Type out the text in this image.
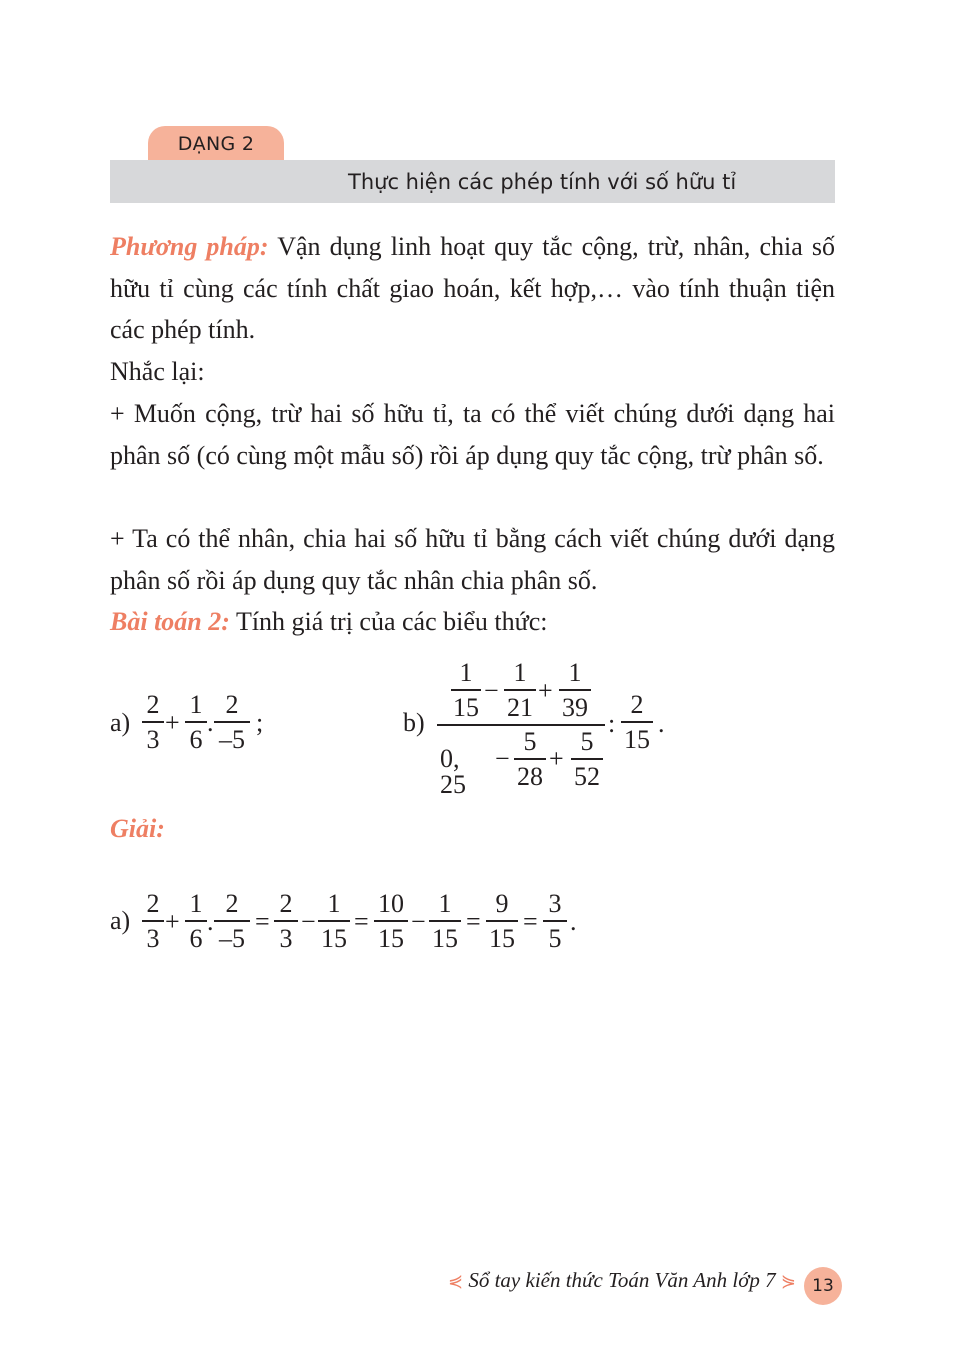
DẠNG 2
Thực hiện các phép tính với số hữu tỉ

Phương pháp: Vận dụng linh hoạt quy tắc cộng, trừ, nhân, chia số hữu tỉ cùng các tính chất giao hoán, kết hợp,… vào tính thuận tiện các phép tính.

Nhắc lại:

+ Muốn cộng, trừ hai số hữu tỉ, ta có thể viết chúng dưới dạng hai phân số (có cùng một mẫu số) rồi áp dụng quy tắc cộng, trừ phân số.

+ Ta có thể nhân, chia hai số hữu tỉ bằng cách viết chúng dưới dạng phân số rồi áp dụng quy tắc nhân chia phân số.

Bài toán 2: Tính giá trị của các biểu thức:

a)
2
3
+
1
6
.
2
–5
;	b)
1
15
−
1
21
+
1
39
0, 25
−
5
28
+
5
52
:
2
15
.

Giải:

a)
2
3
+
1
6
.
2
–5
=
2
3
−
1
15
=
10
15
−
1
15
=
9
15
=
3
5
.
⋞ Sổ tay kiến thức Toán Văn Anh lớp 7 ⋟ 13
